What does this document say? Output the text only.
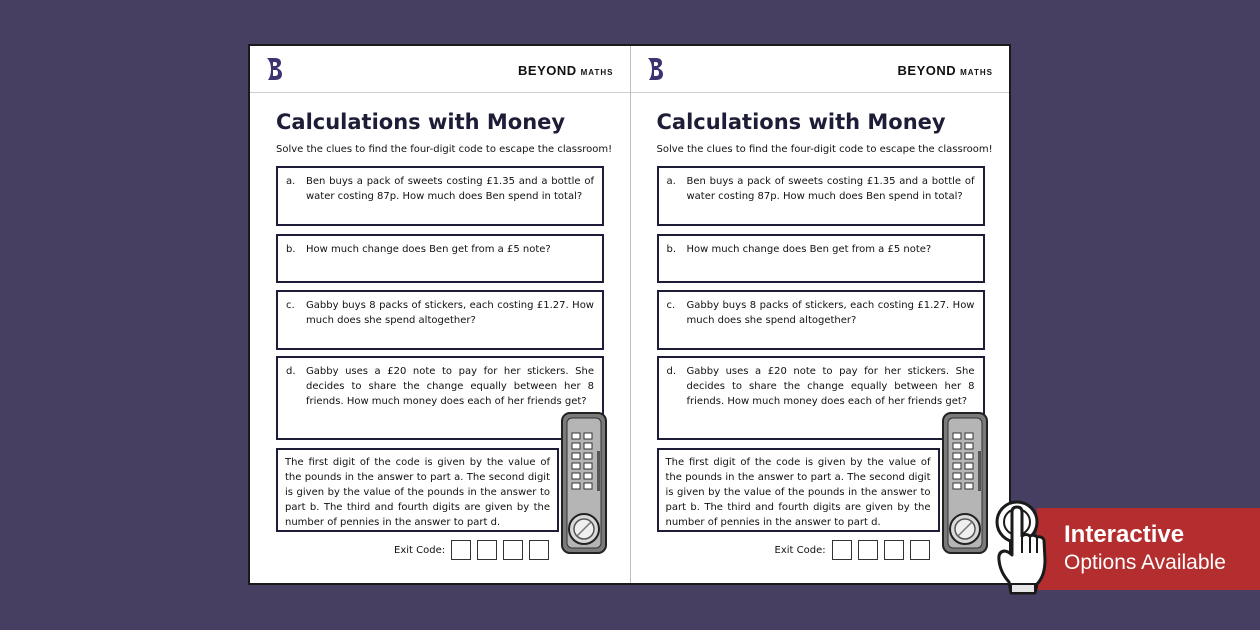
BEYOND MATHS
Calculations with Money
Solve the clues to find the four-digit code to escape the classroom!
a.	Ben buys a pack of sweets costing £1.35 and a bottle of water costing 87p. How much does Ben spend in total?
b.	How much change does Ben get from a £5 note?
c.	Gabby buys 8 packs of stickers, each costing £1.27. How much does she spend altogether?
d.	Gabby uses a £20 note to pay for her stickers. She decides to share the change equally between her 8 friends. How much money does each of her friends get?
The first digit of the code is given by the value of the pounds in the answer to part a. The second digit is given by the value of the pounds in the answer to part b. The third and fourth digits are given by the number of pennies in the answer to part d.
Exit Code:
BEYOND MATHS
Calculations with Money
Solve the clues to find the four-digit code to escape the classroom!
a.	Ben buys a pack of sweets costing £1.35 and a bottle of water costing 87p. How much does Ben spend in total?
b.	How much change does Ben get from a £5 note?
c.	Gabby buys 8 packs of stickers, each costing £1.27. How much does she spend altogether?
d.	Gabby uses a £20 note to pay for her stickers. She decides to share the change equally between her 8 friends. How much money does each of her friends get?
The first digit of the code is given by the value of the pounds in the answer to part a. The second digit is given by the value of the pounds in the answer to part b. The third and fourth digits are given by the number of pennies in the answer to part d.
Exit Code:
Interactive
Options Available
